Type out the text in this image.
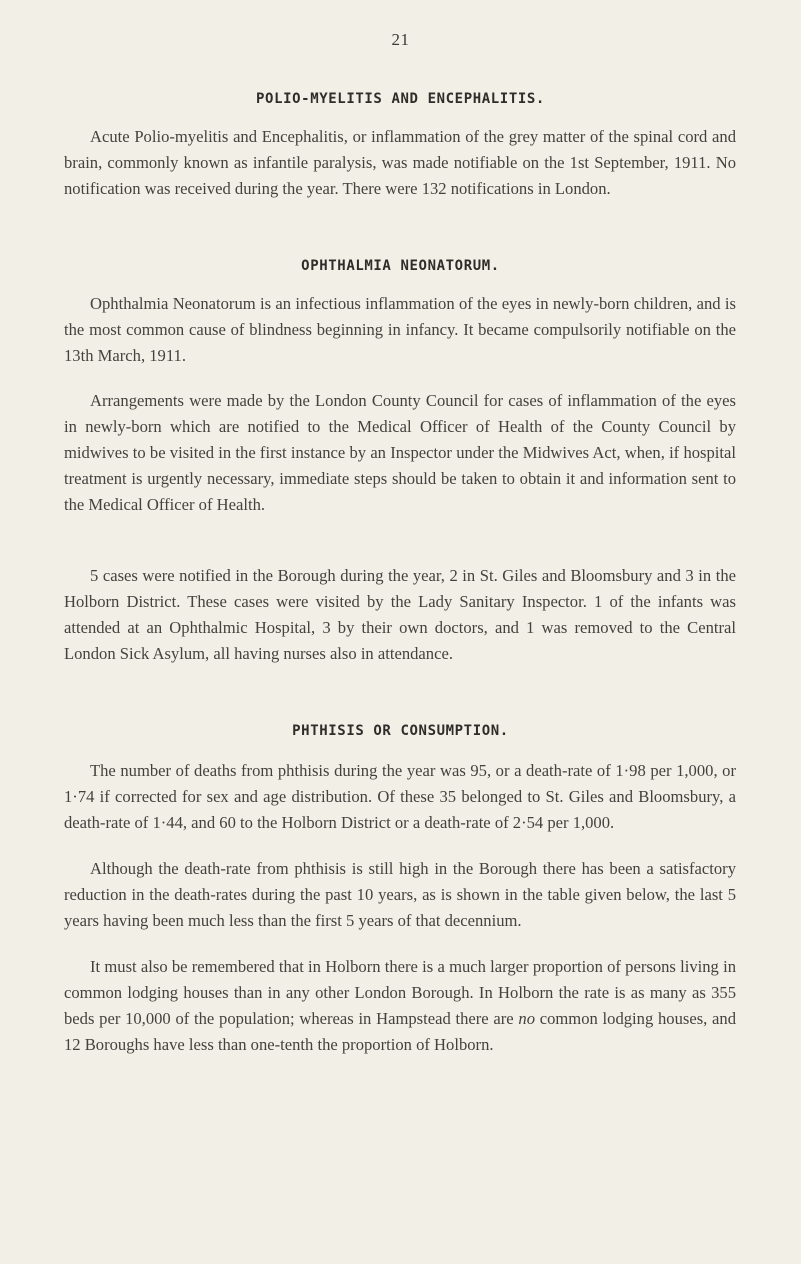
21
POLIO-MYELITIS AND ENCEPHALITIS.

Acute Polio-myelitis and Encephalitis, or inflammation of the grey matter of the spinal cord and brain, commonly known as infantile paralysis, was made notifiable on the 1st September, 1911. No notification was received during the year. There were 132 notifications in London.

OPHTHALMIA NEONATORUM.

Ophthalmia Neonatorum is an infectious inflammation of the eyes in newly-born children, and is the most common cause of blindness beginning in infancy. It became compulsorily notifiable on the 13th March, 1911.

Arrangements were made by the London County Council for cases of inflammation of the eyes in newly-born which are notified to the Medical Officer of Health of the County Council by midwives to be visited in the first instance by an Inspector under the Midwives Act, when, if hospital treatment is urgently necessary, immediate steps should be taken to obtain it and information sent to the Medical Officer of Health.

5 cases were notified in the Borough during the year, 2 in St. Giles and Bloomsbury and 3 in the Holborn District. These cases were visited by the Lady Sanitary Inspector. 1 of the infants was attended at an Ophthalmic Hospital, 3 by their own doctors, and 1 was removed to the Central London Sick Asylum, all having nurses also in attendance.

PHTHISIS OR CONSUMPTION.

The number of deaths from phthisis during the year was 95, or a death-rate of 1·98 per 1,000, or 1·74 if corrected for sex and age distribution. Of these 35 belonged to St. Giles and Bloomsbury, a death-rate of 1·44, and 60 to the Holborn District or a death-rate of 2·54 per 1,000.

Although the death-rate from phthisis is still high in the Borough there has been a satisfactory reduction in the death-rates during the past 10 years, as is shown in the table given below, the last 5 years having been much less than the first 5 years of that decennium.

It must also be remembered that in Holborn there is a much larger proportion of persons living in common lodging houses than in any other London Borough. In Holborn the rate is as many as 355 beds per 10,000 of the population; whereas in Hampstead there are no common lodging houses, and 12 Boroughs have less than one-tenth the proportion of Holborn.
